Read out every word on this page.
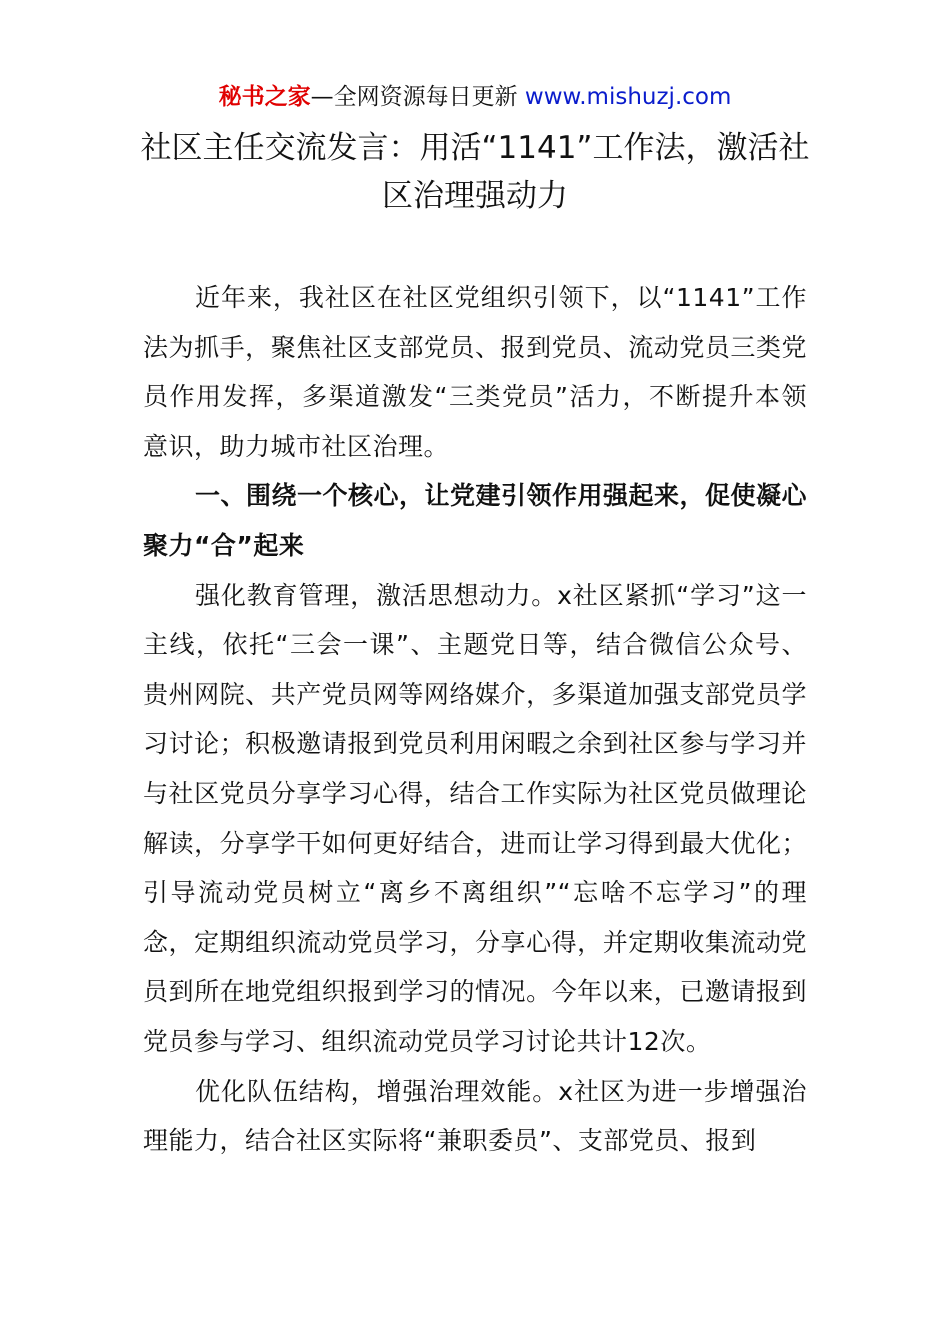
秘书之家—全网资源每日更新 www.mishuzj.com
社区主任交流发言：用活“1141”工作法，激活社区治理强动力

近年来，我社区在社区党组织引领下，以“1141”工作法为抓手，聚焦社区支部党员、报到党员、流动党员三类党员作用发挥，多渠道激发“三类党员”活力，不断提升本领意识，助力城市社区治理。

一、围绕一个核心，让党建引领作用强起来，促使凝心聚力“合”起来

强化教育管理，激活思想动力。x社区紧抓“学习”这一主线，依托“三会一课”、主题党日等，结合微信公众号、贵州网院、共产党员网等网络媒介，多渠道加强支部党员学习讨论；积极邀请报到党员利用闲暇之余到社区参与学习并与社区党员分享学习心得，结合工作实际为社区党员做理论解读，分享学干如何更好结合，进而让学习得到最大优化；引导流动党员树立“离乡不离组织”“忘啥不忘学习”的理念，定期组织流动党员学习，分享心得，并定期收集流动党员到所在地党组织报到学习的情况。今年以来，已邀请报到党员参与学习、组织流动党员学习讨论共计12次。

优化队伍结构，增强治理效能。x社区为进一步增强治理能力，结合社区实际将“兼职委员”、支部党员、报到
